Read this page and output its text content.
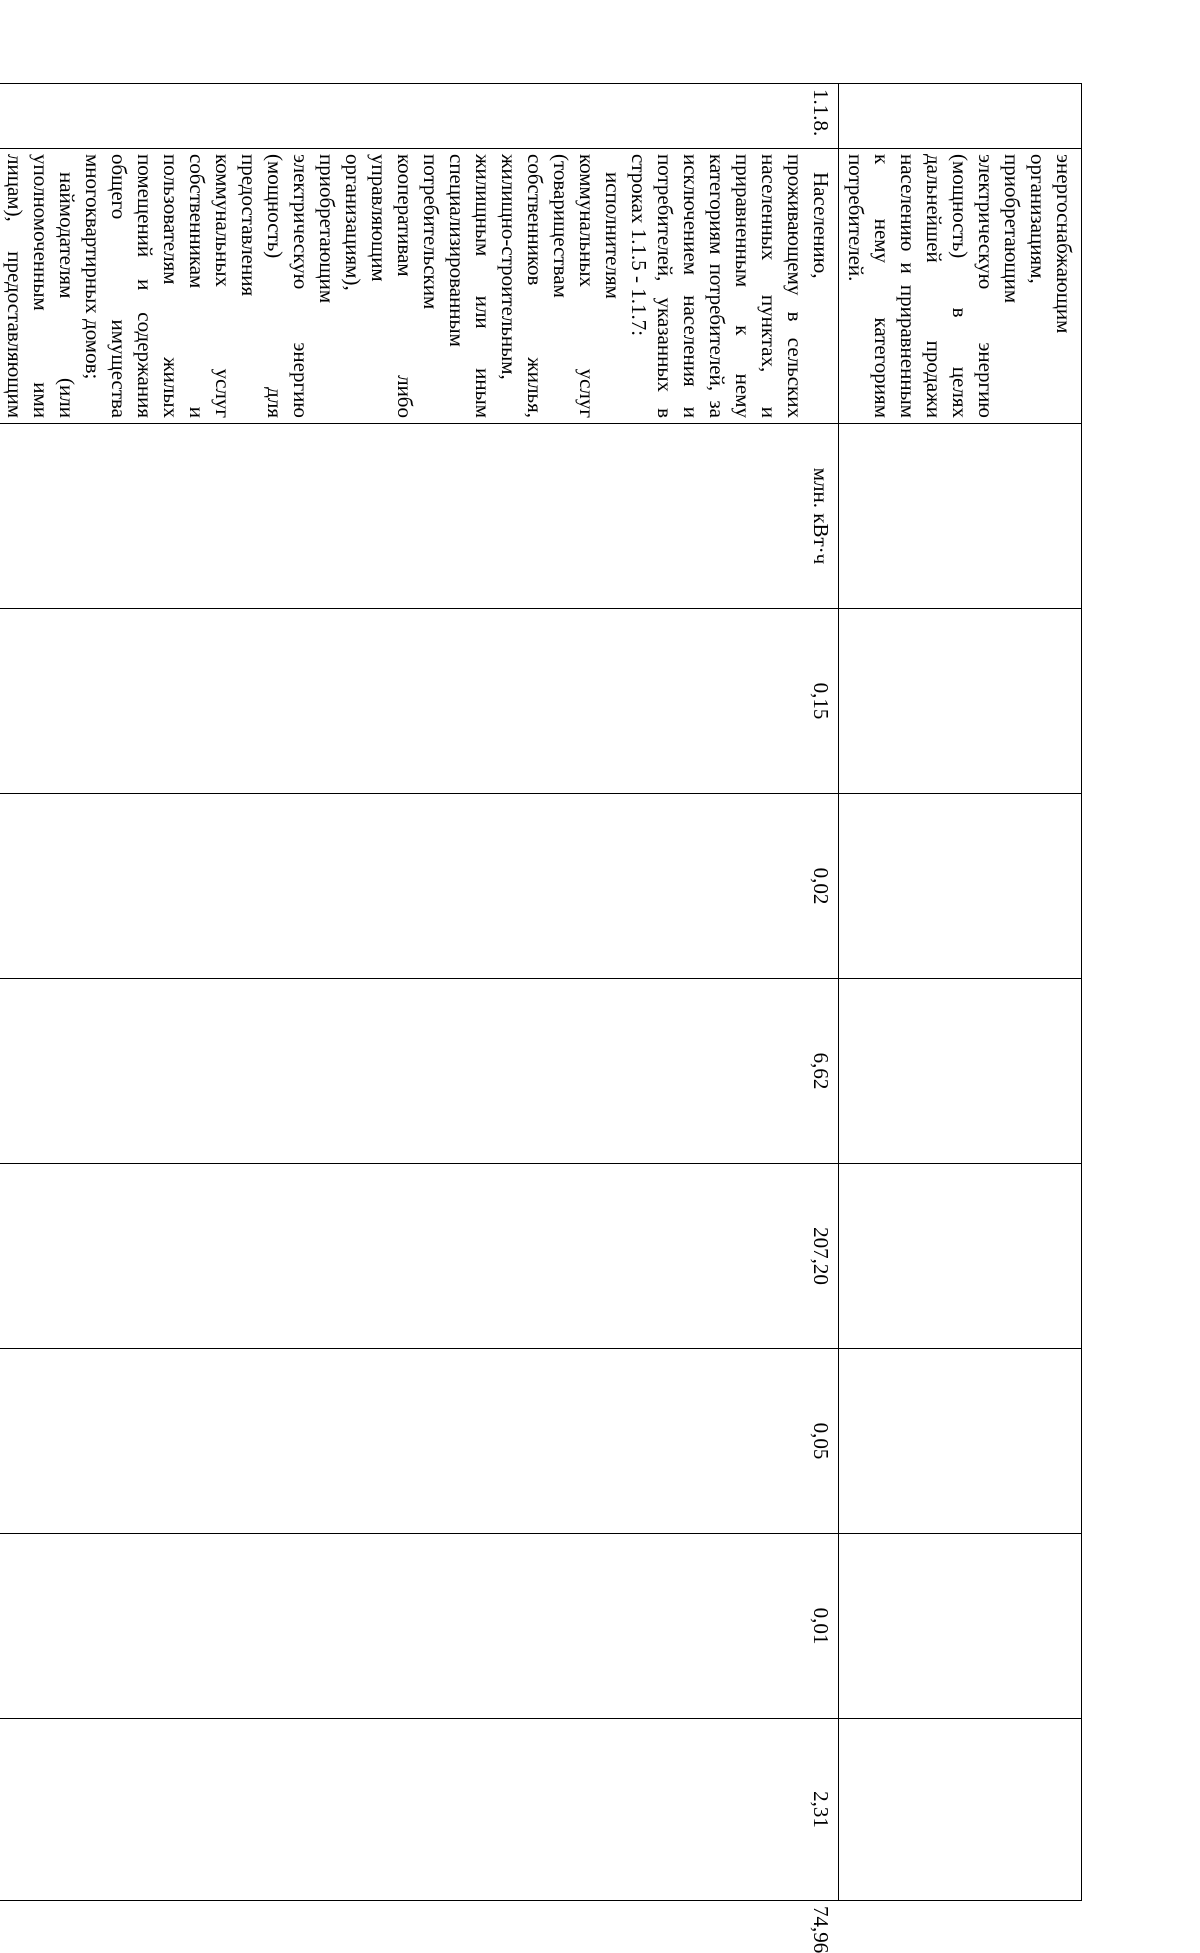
	энергоснабжающим организациям, приобретающим электрическую энергию (мощность) в целях дальнейшей продажи населению и приравненным к нему категориям потребителей.									

1.1.8.	Населению, проживающему в сельских населенных пунктах, и приравненным к нему категориям потребителей, за исключением населения и потребителей, указанных в строках 1.1.5 - 1.1.7:

исполнителям коммунальных услуг (товариществам собственников жилья, жилищно-строительным, жилищным или иным специализированным потребительским кооперативам либо управляющим организациям), приобретающим электрическую энергию (мощность) для предоставления коммунальных услуг собственникам и пользователям жилых помещений и содержания общего имущества многоквартирных домов;

наймодателям (или уполномоченным ими лицам), предоставляющим	млн. кВт·ч	0,15	0,02	6,62	207,20	0,05	0,01	2,31	74,96
